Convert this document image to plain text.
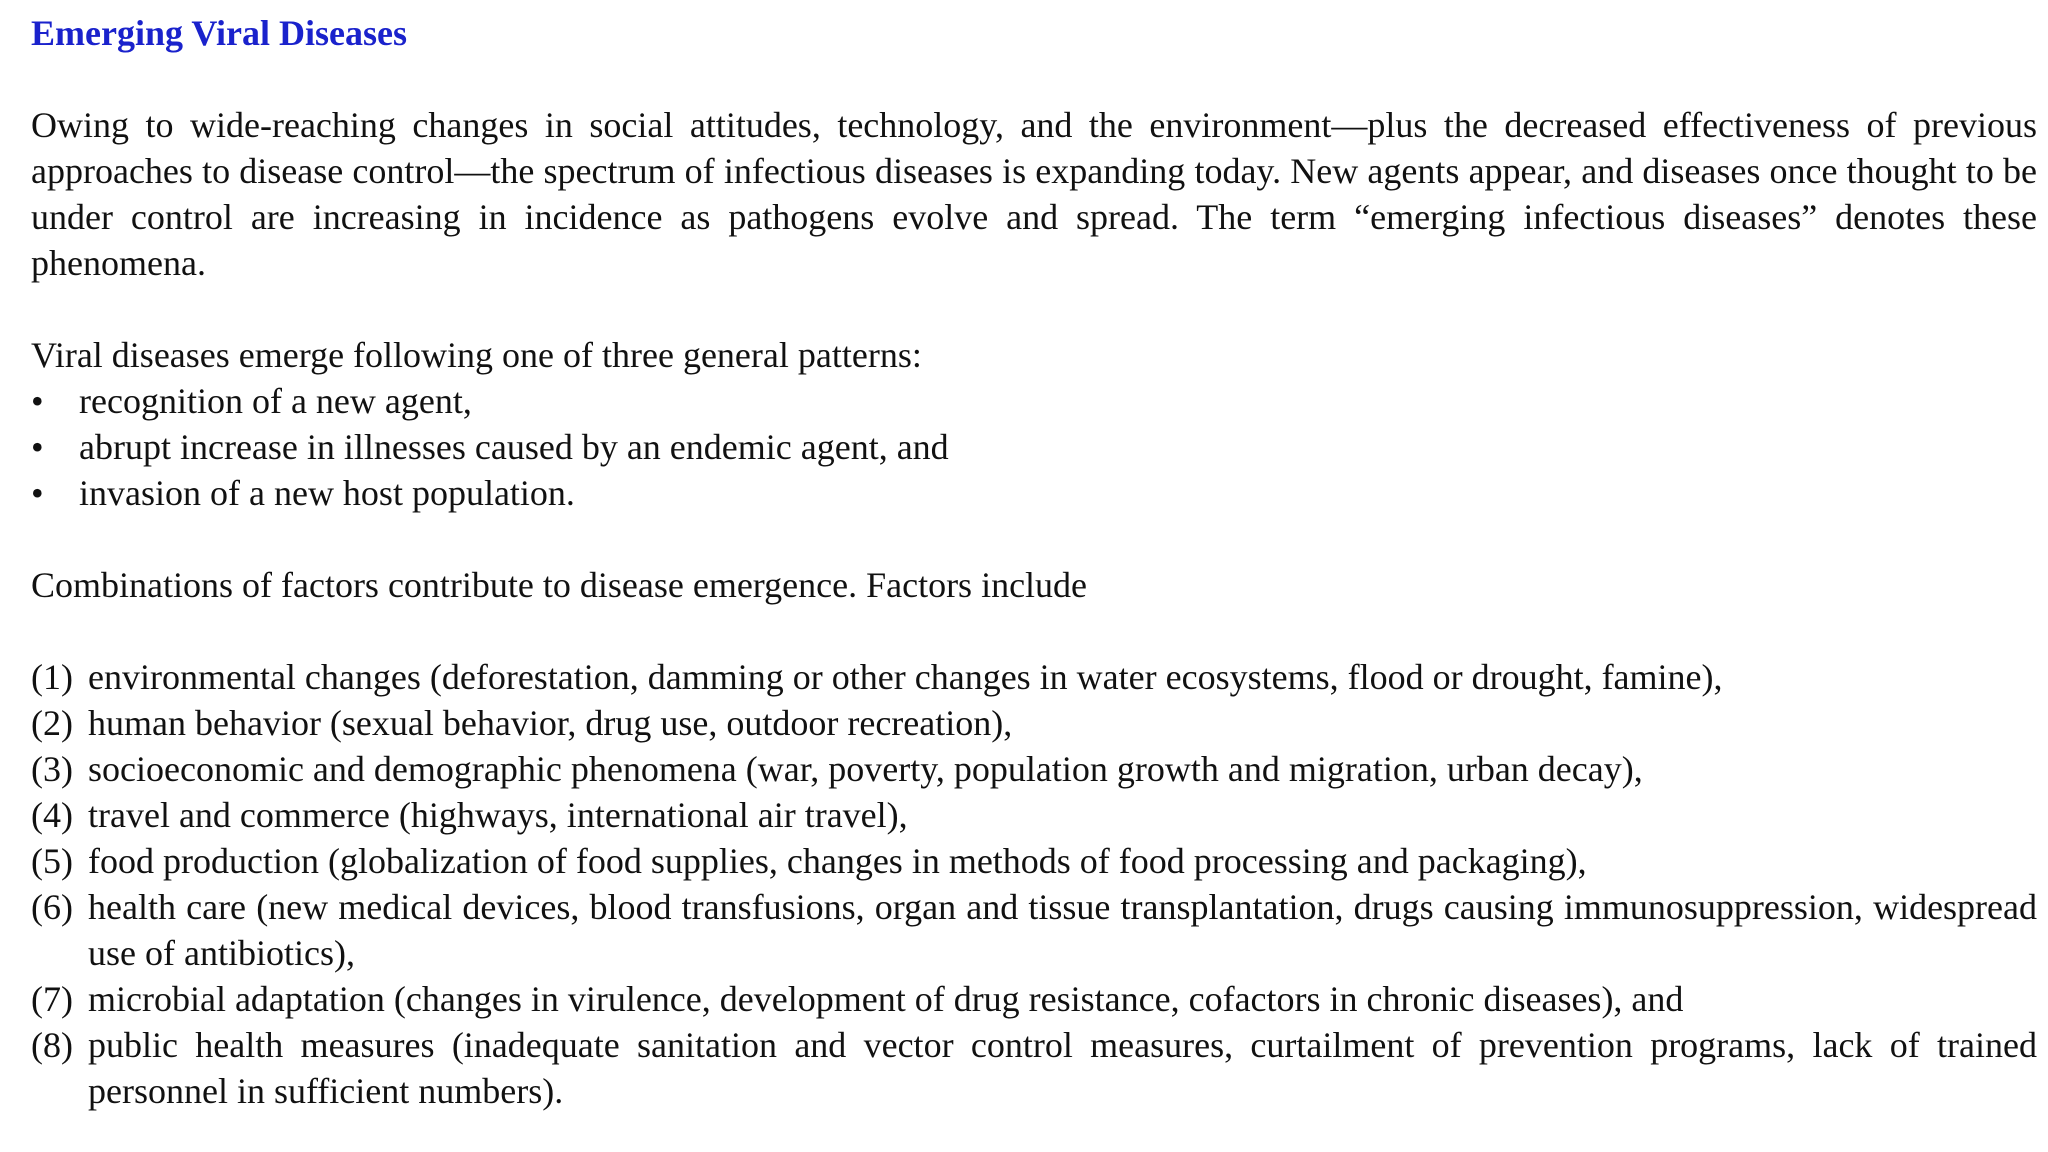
Emerging Viral Diseases

Owing to wide-reaching changes in social attitudes, technology, and the environment—plus the decreased effectiveness of previous approaches to disease control—the spectrum of infectious diseases is expanding today. New agents appear, and diseases once thought to be under control are increasing in incidence as pathogens evolve and spread. The term “emerging infectious diseases” denotes these phenomena.

Viral diseases emerge following one of three general patterns:

• recognition of a new agent,
• abrupt increase in illnesses caused by an endemic agent, and
• invasion of a new host population.

Combinations of factors contribute to disease emergence. Factors include

(1) environmental changes (deforestation, damming or other changes in water ecosystems, flood or drought, famine),
(2) human behavior (sexual behavior, drug use, outdoor recreation),
(3) socioeconomic and demographic phenomena (war, poverty, population growth and migration, urban decay),
(4) travel and commerce (highways, international air travel),
(5) food production (globalization of food supplies, changes in methods of food processing and packaging),
(6) health care (new medical devices, blood transfusions, organ and tissue transplantation, drugs causing immunosuppression, widespread use of antibiotics),
(7) microbial adaptation (changes in virulence, development of drug resistance, cofactors in chronic diseases), and
(8) public health measures (inadequate sanitation and vector control measures, curtailment of prevention programs, lack of trained personnel in sufficient numbers).
